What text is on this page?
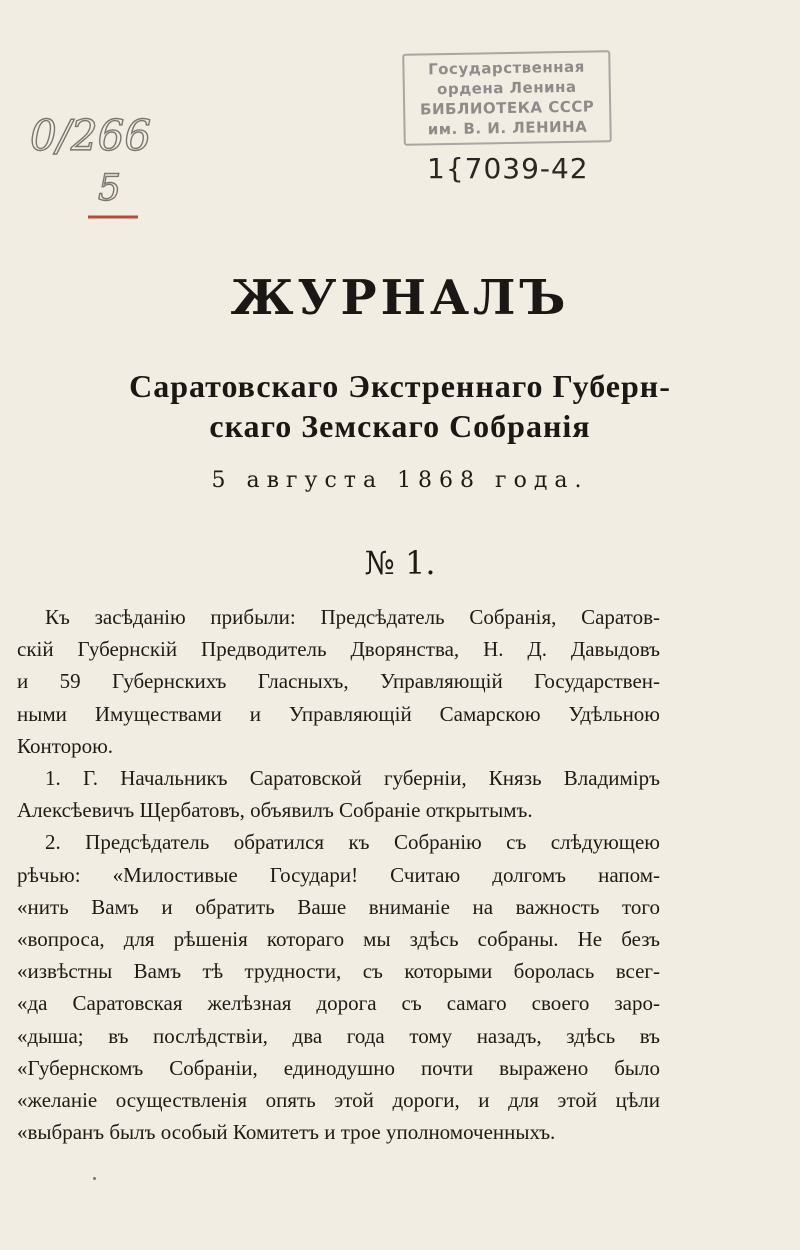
Государственная
ордена Ленина
БИБЛИОТЕКА СССР
им. В. И. ЛЕНИНА
1{7039-42
0/266
5
ЖУРНАЛЪ
Саратовскаго Экстреннаго Губерн-
скаго Земскаго Собранія
5 августа 1868 года.
№ 1.
Къ засѣданію прибыли: Предсѣдатель Собранія, Саратов-
скій Губернскій Предводитель Дворянства, Н. Д. Давыдовъ
и 59 Губернскихъ Гласныхъ, Управляющій Государствен-
ными Имуществами и Управляющій Самарскою Удѣльною
Конторою.
1. Г. Начальникъ Саратовской губерніи, Князь Владиміръ
Алексѣевичъ Щербатовъ, объявилъ Собраніе открытымъ.
2. Предсѣдатель обратился къ Собранію съ слѣдующею
рѣчью: «Милостивые Государи! Считаю долгомъ напом-
«нить Вамъ и обратить Ваше вниманіе на важность того
«вопроса, для рѣшенія котораго мы здѣсь собраны. Не безъ
«извѣстны Вамъ тѣ трудности, съ которыми боролась всег-
«да Саратовская желѣзная дорога съ самаго своего заро-
«дыша; въ послѣдствіи, два года тому назадъ, здѣсь въ
«Губернскомъ Собраніи, единодушно почти выражено было
«желаніе осуществленія опять этой дороги, и для этой цѣли
«выбранъ былъ особый Комитетъ и трое уполномоченныхъ.
